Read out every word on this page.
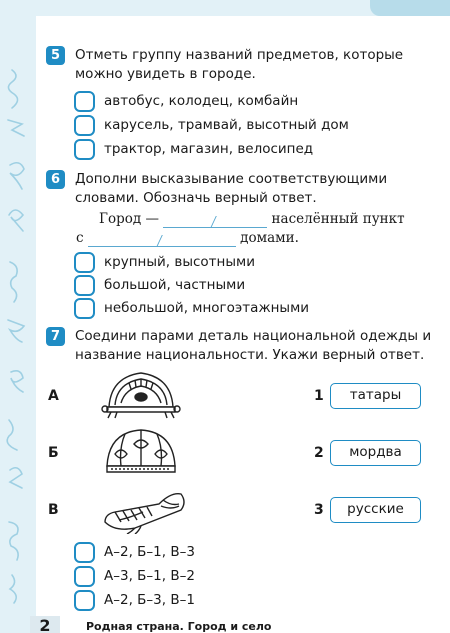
5	Отметь группу названий предметов, которые можно увидеть в городе.
автобус, колодец, комбайн
карусель, трамвай, высотный дом
трактор, магазин, велосипед
6	Дополни высказывание соответствующими словами. Обозначь верный ответ.
Город —	населённый пункт
с	домами.
крупный, высотными
большой, частными
небольшой, многоэтажными
7	Соедини парами деталь национальной одежды и название национальности. Укажи верный ответ.
А	1	татары
Б	2	мордва
В	3	русские
А–2, Б–1, В–3
А–3, Б–1, В–2
А–2, Б–3, В–1
2	Родная страна. Город и село
